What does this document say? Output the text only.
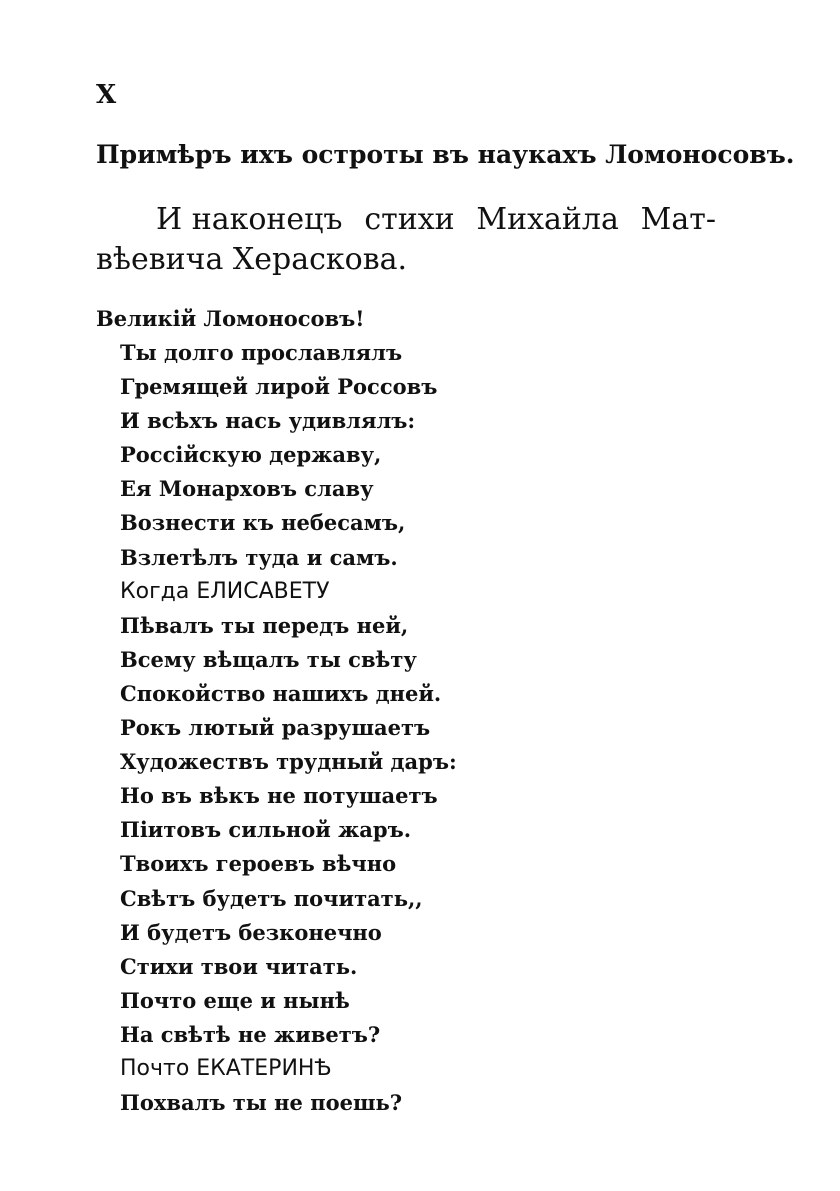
X
Примѣръ ихъ остроты въ наукахъ Ломоносовъ.
И наконецъ стихи Михайла Мат-
вѣевича Хераскова.
Великій Ломоносовъ!
Ты долго прославлялъ
Гремящей лирой Россовъ
И всѣхъ нась удивлялъ:
Россійскую державу,
Ея Монарховъ славу
Вознести къ небесамъ,
Взлетѣлъ туда и самъ.
Когда ЕЛИСАВЕТУ
Пѣвалъ ты передъ ней,
Всему вѣщалъ ты свѣту
Спокойство нашихъ дней.
Рокъ лютый разрушаетъ
Художествъ трудный даръ:
Но въ вѣкъ не потушаетъ
Піитовъ сильной жаръ.
Твоихъ героевъ вѣчно
Свѣтъ будетъ почитать,,
И будетъ безконечно
Стихи твои читать.
Почто еще и нынѣ
На свѣтѣ не живетъ?
Почто ЕКАТЕРИНѢ
Похвалъ ты не поешь?
